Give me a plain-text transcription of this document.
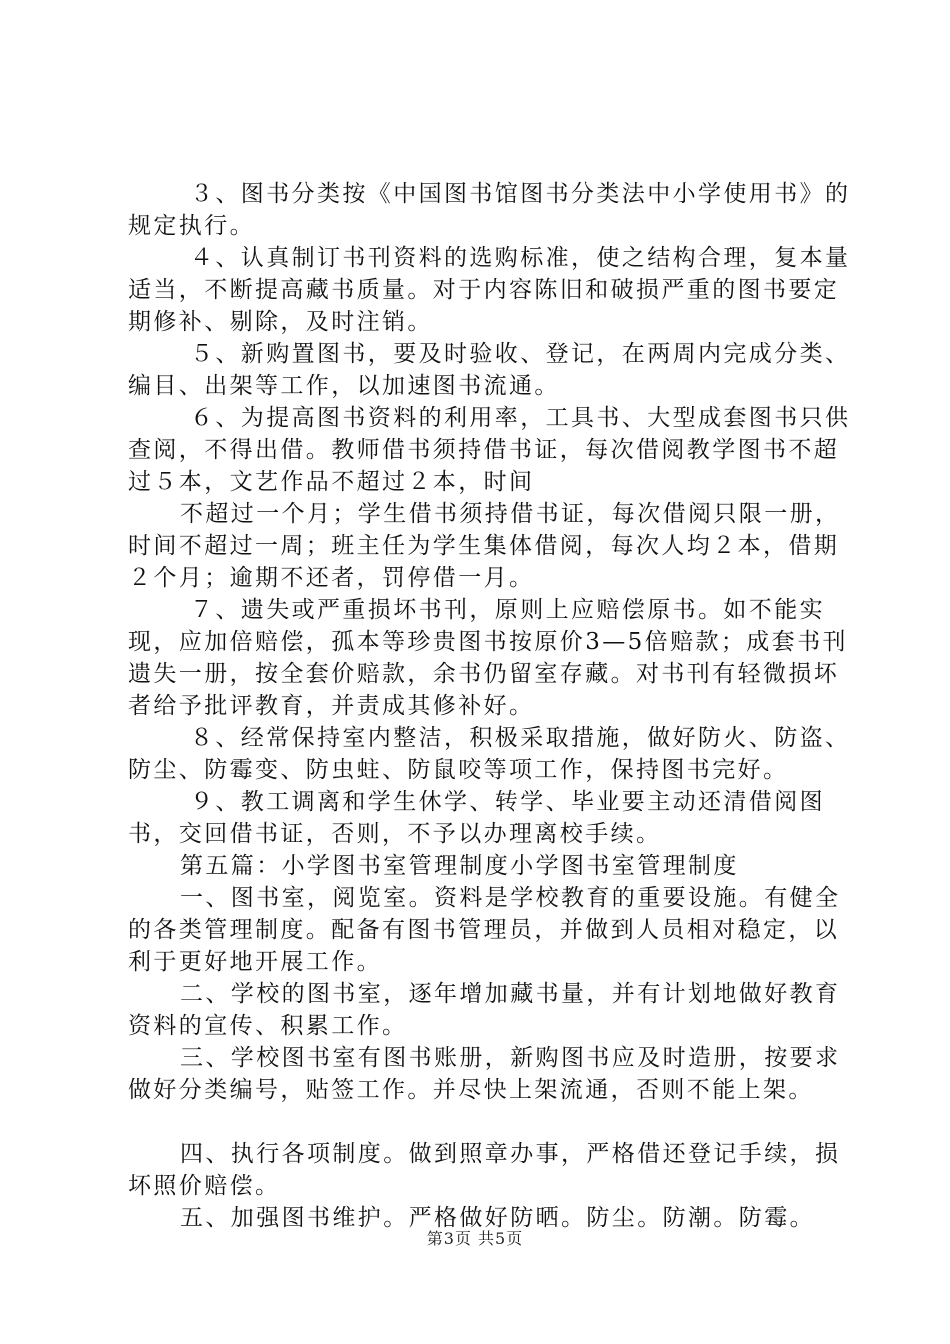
３、图书分类按《中国图书馆图书分类法中小学使用书》的规定执行。

４、认真制订书刊资料的选购标准，使之结构合理，复本量适当，不断提高藏书质量。对于内容陈旧和破损严重的图书要定期修补、剔除，及时注销。

５、新购置图书，要及时验收、登记，在两周内完成分类、编目、出架等工作，以加速图书流通。

６、为提高图书资料的利用率，工具书、大型成套图书只供查阅，不得出借。教师借书须持借书证，每次借阅教学图书不超过５本，文艺作品不超过２本，时间

不超过一个月；学生借书须持借书证，每次借阅只限一册，时间不超过一周；班主任为学生集体借阅，每次人均２本，借期２个月；逾期不还者，罚停借一月。

７、遗失或严重损坏书刊，原则上应赔偿原书。如不能实现，应加倍赔偿，孤本等珍贵图书按原价3—5倍赔款；成套书刊遗失一册，按全套价赔款，余书仍留室存藏。对书刊有轻微损坏者给予批评教育，并责成其修补好。

８、经常保持室内整洁，积极采取措施，做好防火、防盗、防尘、防霉变、防虫蛀、防鼠咬等项工作，保持图书完好。

９、教工调离和学生休学、转学、毕业要主动还清借阅图书，交回借书证，否则，不予以办理离校手续。

第五篇：小学图书室管理制度小学图书室管理制度

一、图书室，阅览室。资料是学校教育的重要设施。有健全的各类管理制度。配备有图书管理员，并做到人员相对稳定，以利于更好地开展工作。

二、学校的图书室，逐年增加藏书量，并有计划地做好教育资料的宣传、积累工作。

三、学校图书室有图书账册，新购图书应及时造册，按要求做好分类编号，贴签工作。并尽快上架流通，否则不能上架。

四、执行各项制度。做到照章办事，严格借还登记手续，损坏照价赔偿。

五、加强图书维护。严格做好防晒。防尘。防潮。防霉。

第3页 共5页
